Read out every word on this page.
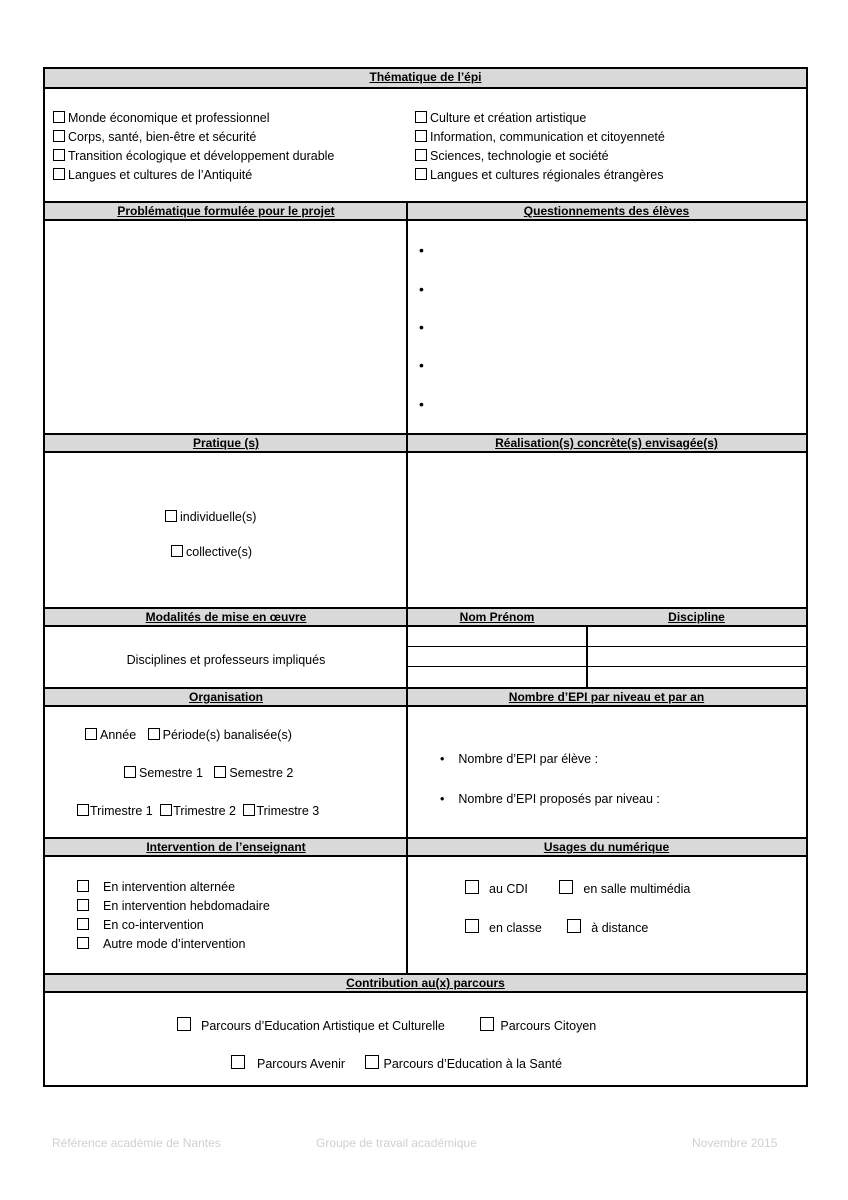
Thématique de l’épi
Monde économique et professionnel
Corps, santé, bien-être et sécurité
Transition écologique et développement durable
Langues et cultures de l’Antiquité
Culture et création artistique
Information, communication et citoyenneté
Sciences, technologie et société
Langues et cultures régionales étrangères
Problématique formulée pour le projet	Questionnements des élèves
•
•
•
•
•
Pratique (s)	Réalisation(s) concrète(s) envisagée(s)
individuelle(s)
collective(s)
Modalités de mise en œuvre	Nom Prénom	Discipline
Disciplines et professeurs impliqués
Organisation	Nombre d’EPI par niveau et par an
Année Période(s) banalisée(s)
Semestre 1 Semestre 2
Trimestre 1 Trimestre 2 Trimestre 3
• Nombre d’EPI par élève :
• Nombre d’EPI proposés par niveau :
Intervention de l’enseignant	Usages du numérique
En intervention alternée
En intervention hebdomadaire
En co-intervention
Autre mode d’intervention
au CDI	en salle multimédia
en classe	à distance
Contribution au(x) parcours
Parcours d’Education Artistique et Culturelle	Parcours Citoyen
Parcours Avenir	Parcours d’Education à la Santé
Référence académie de Nantes	Groupe de travail académique	Novembre 2015
